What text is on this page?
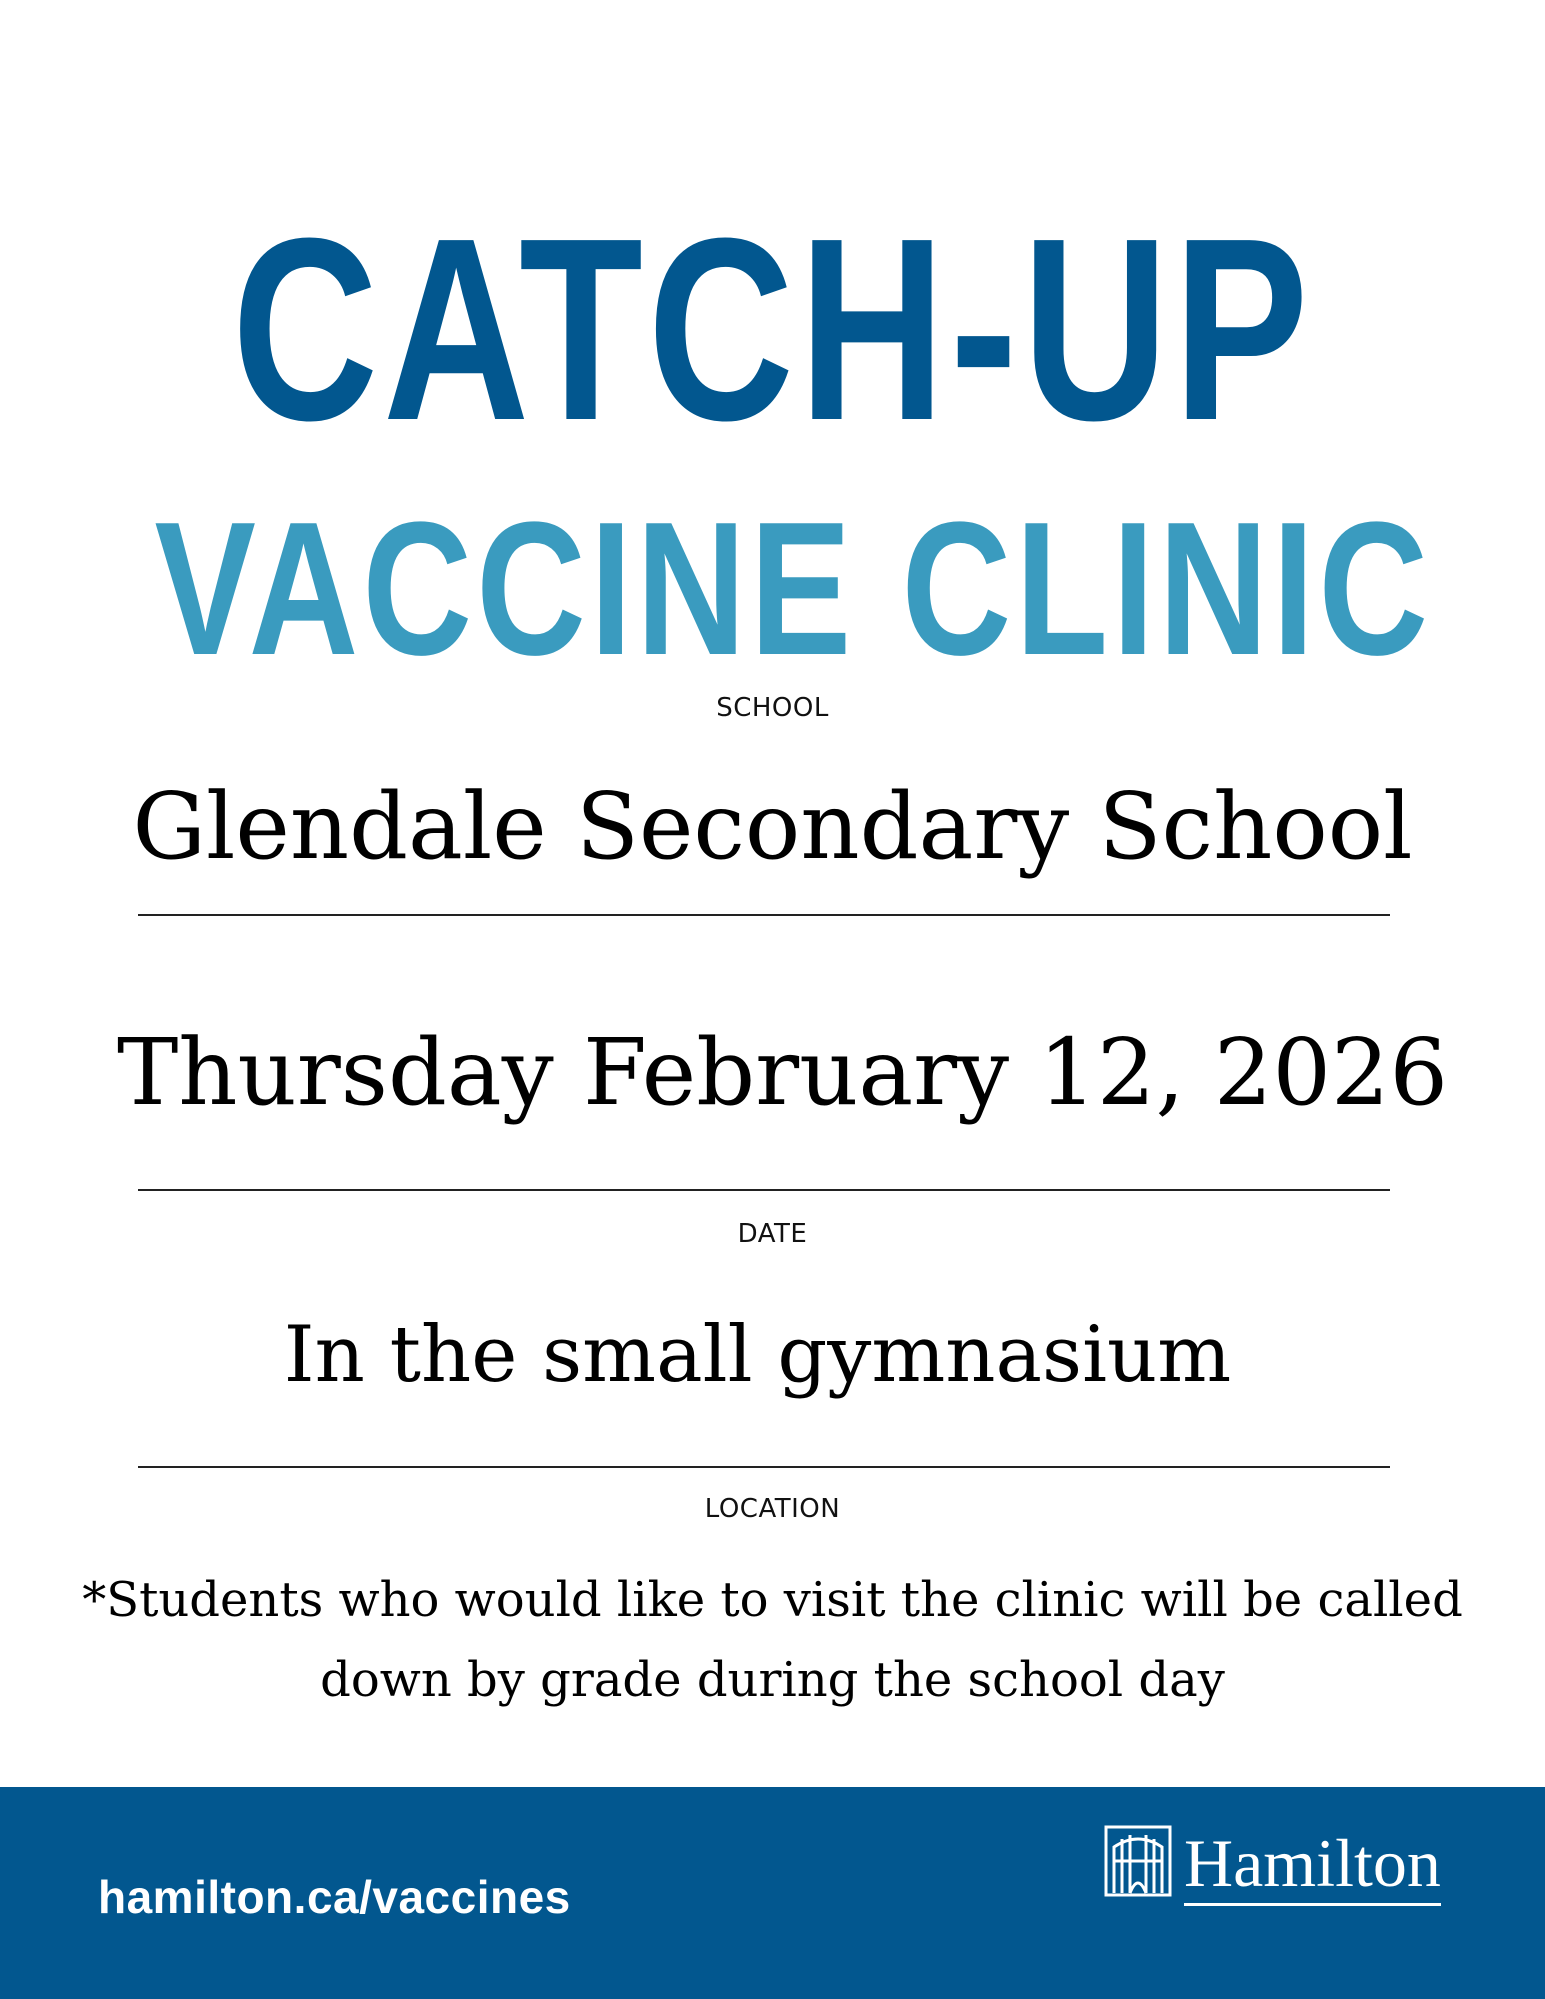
CATCH-UP
VACCINE CLINIC
SCHOOL
Glendale Secondary School
Thursday February 12, 2026
DATE
In the small gymnasium
LOCATION
*Students who would like to visit the clinic will be called
down by grade during the school day
hamilton.ca/vaccines	Hamilton
